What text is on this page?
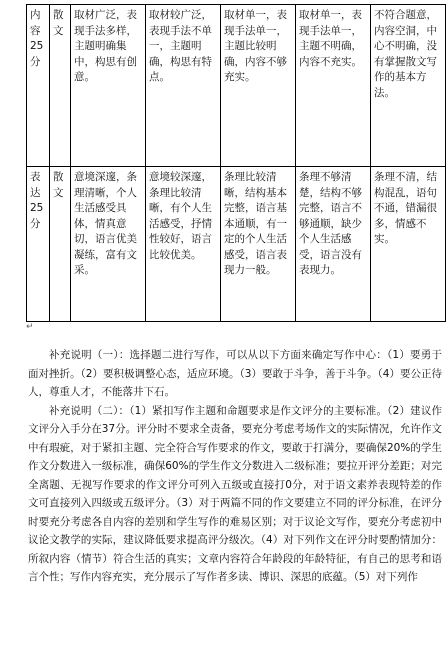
内容25分	散文	取材广泛，表现手法多样，主题明确集中，构思有创意。	取材较广泛，表现手法不单一，主题明确，构思有特点。	取材单一，表现手法单一，主题比较明确，内容不够充实。	取材单一，表现手法单一，主题不明确，内容不充实。	不符合题意，内容空洞，中心不明确，没有掌握散文写作的基本方法。
表达25分	散文	意境深邃，条理清晰，个人生活感受具体，情真意切，语言优美凝练，富有文采。	意境较深邃，条理比较清晰，有个人生活感受，抒情性较好，语言比较优美。	条理比较清晰，结构基本完整，语言基本通顺，有一定的个人生活感受，语言表现力一般。	条理不够清楚，结构不够完整，语言不够通顺，缺少个人生活感受，语言没有表现力。	条理不清，结构混乱，语句不通，错漏很多，情感不实。
↵

补充说明（一）：选择题二进行写作，可以从以下方面来确定写作中心：（1）要勇于面对挫折。（2）要积极调整心态，适应环境。（3）要敢于斗争，善于斗争。（4）要公正待人，尊重人才，不能落井下石。

补充说明（二）：（1）紧扣写作主题和命题要求是作文评分的主要标准。（2）建议作文评分入手分在37分。评分时不要求全责备，要充分考虑考场作文的实际情况，允许作文中有瑕疵，对于紧扣主题、完全符合写作要求的作文，要敢于打满分，要确保20%的学生作文分数进入一级标准，确保60%的学生作文分数进入二级标准；要拉开评分差距；对完全离题、无视写作要求的作文评分可列入五级或直接打0分，对于语文素养表现特差的作文可直接列入四级或五级评分。（3）对于两篇不同的作文要建立不同的评分标准，在评分时要充分考虑各自内容的差别和学生写作的难易区别；对于议论文写作，要充分考虑初中议论文教学的实际，建议降低要求提高评分级次。（4）对下列作文在评分时要酌情加分：所叙内容（情节）符合生活的真实；文章内容符合年龄段的年龄特征，有自己的思考和语言个性；写作内容充实，充分展示了写作者多读、博识、深思的底蕴。（5）对下列作
